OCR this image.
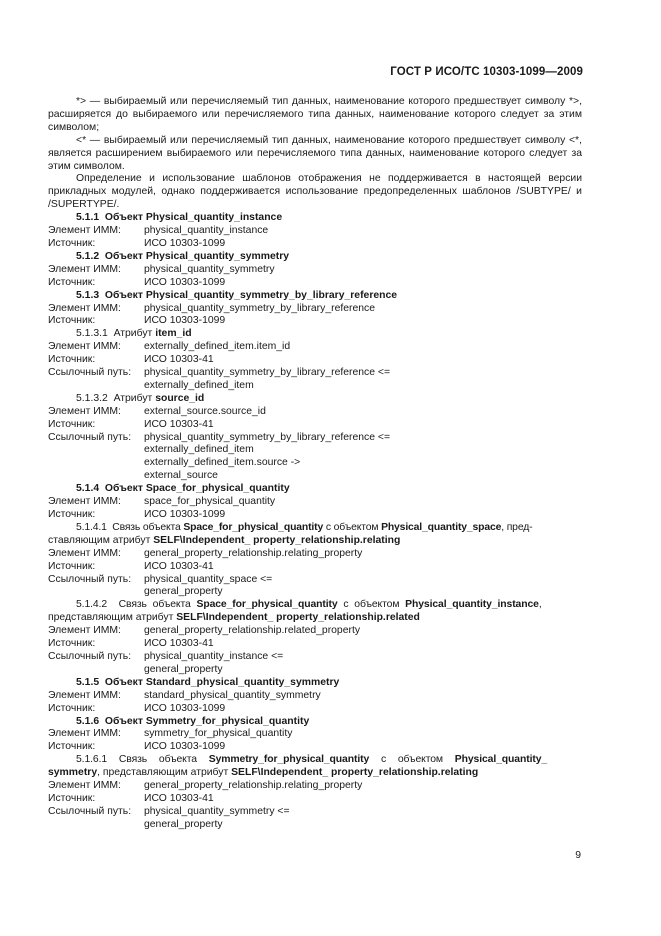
ГОСТ Р ИСО/ТС 10303-1099—2009

*> — выбираемый или перечисляемый тип данных, наименование которого предшествует символу *>, расширяется до выбираемого или перечисляемого типа данных, наименование которого следует за этим символом;

<* — выбираемый или перечисляемый тип данных, наименование которого предшествует символу <*, является расширением выбираемого или перечисляемого типа данных, наименование которого следует за этим символом.

Определение и использование шаблонов отображения не поддерживается в настоящей версии прикладных модулей, однако поддерживается использование предопределенных шаблонов /SUBTYPE/ и /SUPERTYPE/.

5.1.1 Объект Physical_quantity_instance

Элемент ИММ:	physical_quantity_instance

Источник:	ИСО 10303-1099

5.1.2 Объект Physical_quantity_symmetry

Элемент ИММ:	physical_quantity_symmetry

Источник:	ИСО 10303-1099

5.1.3 Объект Physical_quantity_symmetry_by_library_reference

Элемент ИММ:	physical_quantity_symmetry_by_library_reference

Источник:	ИСО 10303-1099

5.1.3.1 Атрибут item_id

Элемент ИММ:	externally_defined_item.item_id

Источник:	ИСО 10303-41

Ссылочный путь:	physical_quantity_symmetry_by_library_reference <=

externally_defined_item

5.1.3.2 Атрибут source_id

Элемент ИММ:	external_source.source_id

Источник:	ИСО 10303-41

Ссылочный путь:	physical_quantity_symmetry_by_library_reference <=

externally_defined_item

externally_defined_item.source ->

external_source

5.1.4 Объект Space_for_physical_quantity

Элемент ИММ:	space_for_physical_quantity

Источник:	ИСО 10303-1099

5.1.4.1 Связь объекта Space_for_physical_quantity с объектом Physical_quantity_space, пред-

ставляющим атрибут
SELF\Independent_ property_relationship.relating

Элемент ИММ:	general_property_relationship.relating_property

Источник:	ИСО 10303-41

Ссылочный путь:	physical_quantity_space <=

general_property

5.1.4.2 Связь объекта Space_for_physical_quantity с объектом Physical_quantity_instance,

представляющим атрибут
SELF\Independent_ property_relationship.related

Элемент ИММ:	general_property_relationship.related_property

Источник:	ИСО 10303-41

Ссылочный путь:	physical_quantity_instance <=

general_property

5.1.5 Объект Standard_physical_quantity_symmetry

Элемент ИММ:	standard_physical_quantity_symmetry

Источник:	ИСО 10303-1099

5.1.6 Объект Symmetry_for_physical_quantity

Элемент ИММ:	symmetry_for_physical_quantity

Источник:	ИСО 10303-1099

5.1.6.1 Связь объекта Symmetry_for_physical_quantity с объектом Physical_quantity_

symmetry , представляющим атрибут
SELF\Independent_ property_relationship.relating

Элемент ИММ:	general_property_relationship.relating_property

Источник:	ИСО 10303-41

Ссылочный путь:	physical_quantity_symmetry <=

general_property

9
